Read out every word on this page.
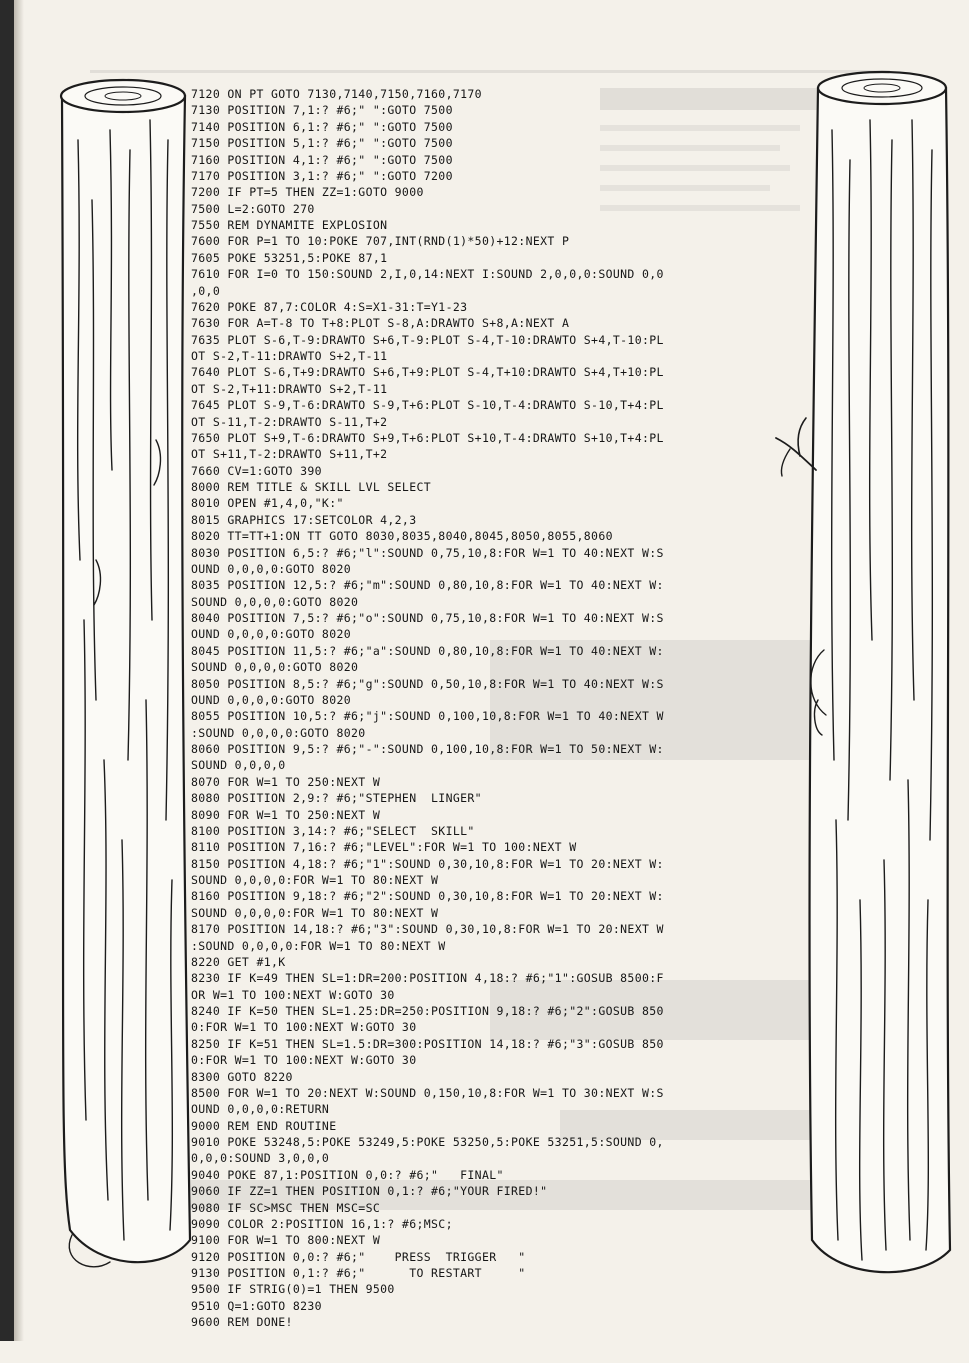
7120 ON PT GOTO 7130,7140,7150,7160,7170
7130 POSITION 7,1:? #6;" ":GOTO 7500
7140 POSITION 6,1:? #6;" ":GOTO 7500
7150 POSITION 5,1:? #6;" ":GOTO 7500
7160 POSITION 4,1:? #6;" ":GOTO 7500
7170 POSITION 3,1:? #6;" ":GOTO 7200
7200 IF PT=5 THEN ZZ=1:GOTO 9000
7500 L=2:GOTO 270
7550 REM DYNAMITE EXPLOSION
7600 FOR P=1 TO 10:POKE 707,INT(RND(1)*50)+12:NEXT P
7605 POKE 53251,5:POKE 87,1
7610 FOR I=0 TO 150:SOUND 2,I,0,14:NEXT I:SOUND 2,0,0,0:SOUND 0,0
,0,0
7620 POKE 87,7:COLOR 4:S=X1-31:T=Y1-23
7630 FOR A=T-8 TO T+8:PLOT S-8,A:DRAWTO S+8,A:NEXT A
7635 PLOT S-6,T-9:DRAWTO S+6,T-9:PLOT S-4,T-10:DRAWTO S+4,T-10:PL
OT S-2,T-11:DRAWTO S+2,T-11
7640 PLOT S-6,T+9:DRAWTO S+6,T+9:PLOT S-4,T+10:DRAWTO S+4,T+10:PL
OT S-2,T+11:DRAWTO S+2,T-11
7645 PLOT S-9,T-6:DRAWTO S-9,T+6:PLOT S-10,T-4:DRAWTO S-10,T+4:PL
OT S-11,T-2:DRAWTO S-11,T+2
7650 PLOT S+9,T-6:DRAWTO S+9,T+6:PLOT S+10,T-4:DRAWTO S+10,T+4:PL
OT S+11,T-2:DRAWTO S+11,T+2
7660 CV=1:GOTO 390
8000 REM TITLE & SKILL LVL SELECT
8010 OPEN #1,4,0,"K:"
8015 GRAPHICS 17:SETCOLOR 4,2,3
8020 TT=TT+1:ON TT GOTO 8030,8035,8040,8045,8050,8055,8060
8030 POSITION 6,5:? #6;"l":SOUND 0,75,10,8:FOR W=1 TO 40:NEXT W:S
OUND 0,0,0,0:GOTO 8020
8035 POSITION 12,5:? #6;"m":SOUND 0,80,10,8:FOR W=1 TO 40:NEXT W:
SOUND 0,0,0,0:GOTO 8020
8040 POSITION 7,5:? #6;"o":SOUND 0,75,10,8:FOR W=1 TO 40:NEXT W:S
OUND 0,0,0,0:GOTO 8020
8045 POSITION 11,5:? #6;"a":SOUND 0,80,10,8:FOR W=1 TO 40:NEXT W:
SOUND 0,0,0,0:GOTO 8020
8050 POSITION 8,5:? #6;"g":SOUND 0,50,10,8:FOR W=1 TO 40:NEXT W:S
OUND 0,0,0,0:GOTO 8020
8055 POSITION 10,5:? #6;"j":SOUND 0,100,10,8:FOR W=1 TO 40:NEXT W
:SOUND 0,0,0,0:GOTO 8020
8060 POSITION 9,5:? #6;"-":SOUND 0,100,10,8:FOR W=1 TO 50:NEXT W:
SOUND 0,0,0,0
8070 FOR W=1 TO 250:NEXT W
8080 POSITION 2,9:? #6;"STEPHEN  LINGER"
8090 FOR W=1 TO 250:NEXT W
8100 POSITION 3,14:? #6;"SELECT  SKILL"
8110 POSITION 7,16:? #6;"LEVEL":FOR W=1 TO 100:NEXT W
8150 POSITION 4,18:? #6;"1":SOUND 0,30,10,8:FOR W=1 TO 20:NEXT W:
SOUND 0,0,0,0:FOR W=1 TO 80:NEXT W
8160 POSITION 9,18:? #6;"2":SOUND 0,30,10,8:FOR W=1 TO 20:NEXT W:
SOUND 0,0,0,0:FOR W=1 TO 80:NEXT W
8170 POSITION 14,18:? #6;"3":SOUND 0,30,10,8:FOR W=1 TO 20:NEXT W
:SOUND 0,0,0,0:FOR W=1 TO 80:NEXT W
8220 GET #1,K
8230 IF K=49 THEN SL=1:DR=200:POSITION 4,18:? #6;"1":GOSUB 8500:F
OR W=1 TO 100:NEXT W:GOTO 30
8240 IF K=50 THEN SL=1.25:DR=250:POSITION 9,18:? #6;"2":GOSUB 850
0:FOR W=1 TO 100:NEXT W:GOTO 30
8250 IF K=51 THEN SL=1.5:DR=300:POSITION 14,18:? #6;"3":GOSUB 850
0:FOR W=1 TO 100:NEXT W:GOTO 30
8300 GOTO 8220
8500 FOR W=1 TO 20:NEXT W:SOUND 0,150,10,8:FOR W=1 TO 30:NEXT W:S
OUND 0,0,0,0:RETURN
9000 REM END ROUTINE
9010 POKE 53248,5:POKE 53249,5:POKE 53250,5:POKE 53251,5:SOUND 0,
0,0,0:SOUND 3,0,0,0
9040 POKE 87,1:POSITION 0,0:? #6;"   FINAL"
9060 IF ZZ=1 THEN POSITION 0,1:? #6;"YOUR FIRED!"
9080 IF SC>MSC THEN MSC=SC
9090 COLOR 2:POSITION 16,1:? #6;MSC;
9100 FOR W=1 TO 800:NEXT W
9120 POSITION 0,0:? #6;"    PRESS  TRIGGER   "
9130 POSITION 0,1:? #6;"      TO RESTART     "
9500 IF STRIG(0)=1 THEN 9500
9510 Q=1:GOTO 8230
9600 REM DONE!
